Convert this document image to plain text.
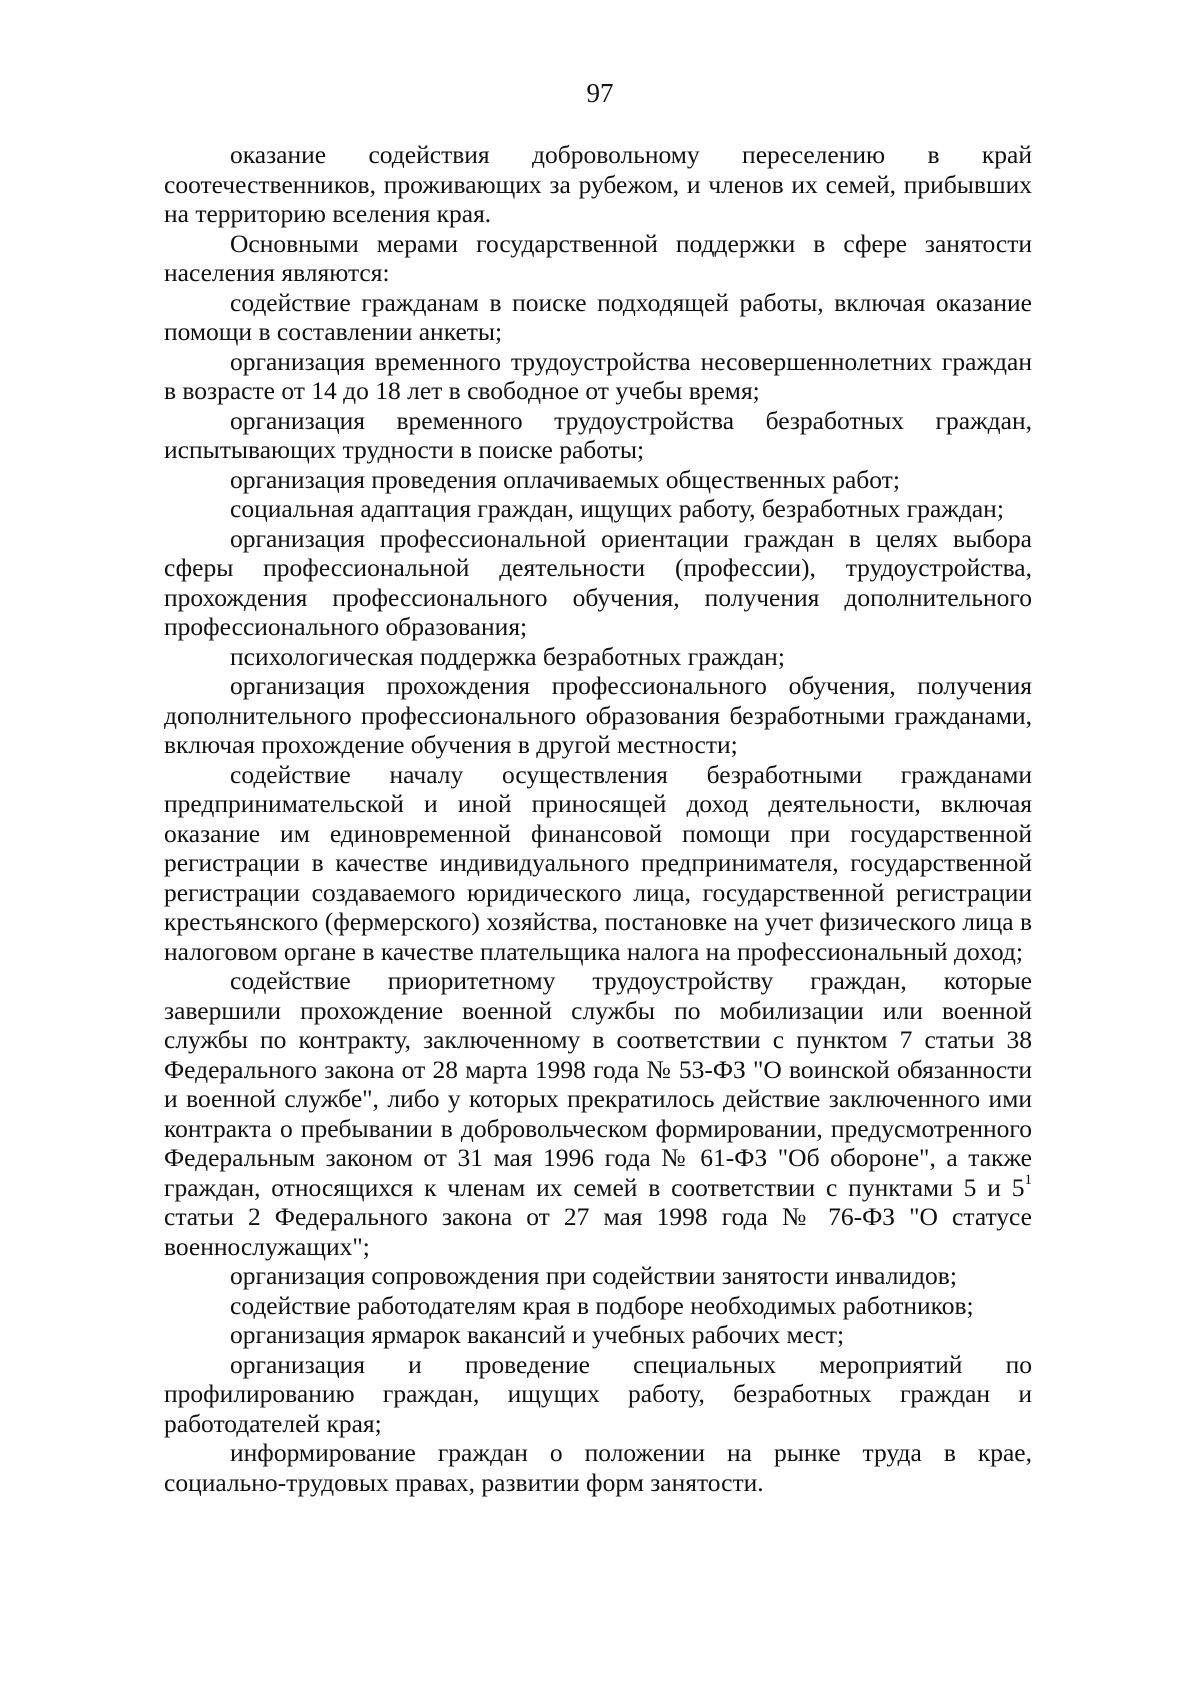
97

оказание содействия добровольному переселению в край соотечественников, проживающих за рубежом, и членов их семей, прибывших на территорию вселения края.

Основными мерами государственной поддержки в сфере занятости населения являются:

содействие гражданам в поиске подходящей работы, включая оказание помощи в составлении анкеты;

организация временного трудоустройства несовершеннолетних граждан в возрасте от 14 до 18 лет в свободное от учебы время;

организация временного трудоустройства безработных граждан, испытывающих трудности в поиске работы;

организация проведения оплачиваемых общественных работ;

социальная адаптация граждан, ищущих работу, безработных граждан;

организация профессиональной ориентации граждан в целях выбора сферы профессиональной деятельности (профессии), трудоустройства, прохождения профессионального обучения, получения дополнительного профессионального образования;

психологическая поддержка безработных граждан;

организация прохождения профессионального обучения, получения дополнительного профессионального образования безработными гражданами, включая прохождение обучения в другой местности;

содействие началу осуществления безработными гражданами предпринимательской и иной приносящей доход деятельности, включая оказание им единовременной финансовой помощи при государственной регистрации в качестве индивидуального предпринимателя, государственной регистрации создаваемого юридического лица, государственной регистрации крестьянского (фермерского) хозяйства, постановке на учет физического лица в налоговом органе в качестве плательщика налога на профессиональный доход;

содействие приоритетному трудоустройству граждан, которые завершили прохождение военной службы по мобилизации или военной службы по контракту, заключенному в соответствии с пунктом 7 статьи 38 Федерального закона от 28 марта 1998 года № 53-ФЗ "О воинской обязанности и военной службе", либо у которых прекратилось действие заключенного ими контракта о пребывании в добровольческом формировании, предусмотренного Федеральным законом от 31 мая 1996 года № 61-ФЗ "Об обороне", а также граждан, относящихся к членам их семей в соответствии с пунктами 5 и $5^1$ статьи 2 Федерального закона от 27 мая 1998 года № 76-ФЗ "О статусе военнослужащих";

организация сопровождения при содействии занятости инвалидов;

содействие работодателям края в подборе необходимых работников;

организация ярмарок вакансий и учебных рабочих мест;

организация и проведение специальных мероприятий по профилированию граждан, ищущих работу, безработных граждан и работодателей края;

информирование граждан о положении на рынке труда в крае, социально-трудовых правах, развитии форм занятости.
